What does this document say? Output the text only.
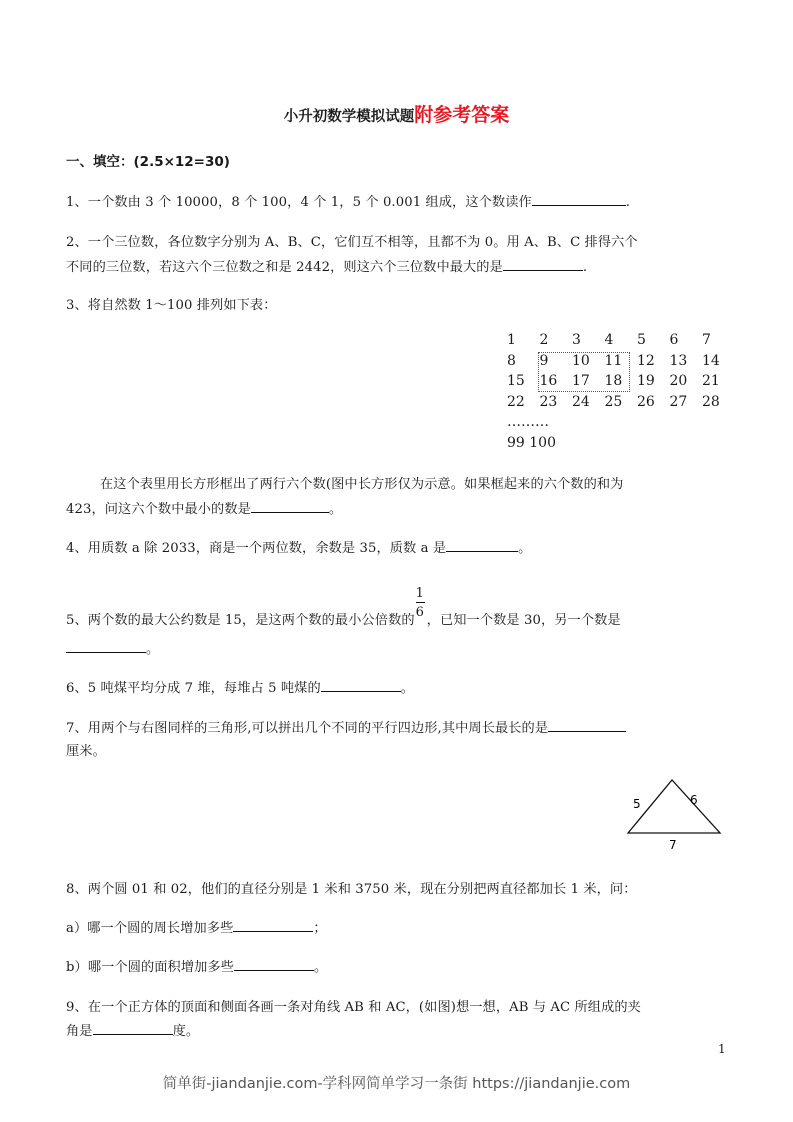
小升初数学模拟试题附参考答案
一、填空：(2.5×12=30)
1、一个数由 3 个 10000，8 个 100，4 个 1，5 个 0.001 组成，这个数读作	.
2、一个三位数，各位数字分别为 A、B、C，它们互不相等，且都不为 0。用 A、B、C 排得六个
不同的三位数，若这六个三位数之和是 2442，则这六个三位数中最大的是	.
3、将自然数 1～100 排列如下表：
1	2	3	4	5	6	7
8	9	10	11	12	13	14
15	16	17	18	19	20	21
22	23	24	25	26	27	28
………
99 100
在这个表里用长方形框出了两行六个数(图中长方形仅为示意。如果框起来的六个数的和为
423，问这六个数中最小的数是	。
4、用质数 a 除 2033，商是一个两位数，余数是 35，质数 a 是	。
5、两个数的最大公约数是 15，是这两个数的最小公倍数的 $\frac{1}{6}$ ，已知一个数是 30，另一个数是
。
6、5 吨煤平均分成 7 堆，每堆占 5 吨煤的	。
7、用两个与右图同样的三角形,可以拼出几个不同的平行四边形,其中周长最长的是
厘米。
5	6
7
8、两个圆 01 和 02，他们的直径分别是 1 米和 3750 米，现在分别把两直径都加长 1 米，问：
a）哪一个圆的周长增加多些	；
b）哪一个圆的面积增加多些	。
9、在一个正方体的顶面和侧面各画一条对角线 AB 和 AC，(如图)想一想，AB 与 AC 所组成的夹
角是	度。
1
简单街-jiandanjie.com-学科网简单学习一条街 https://jiandanjie.com
